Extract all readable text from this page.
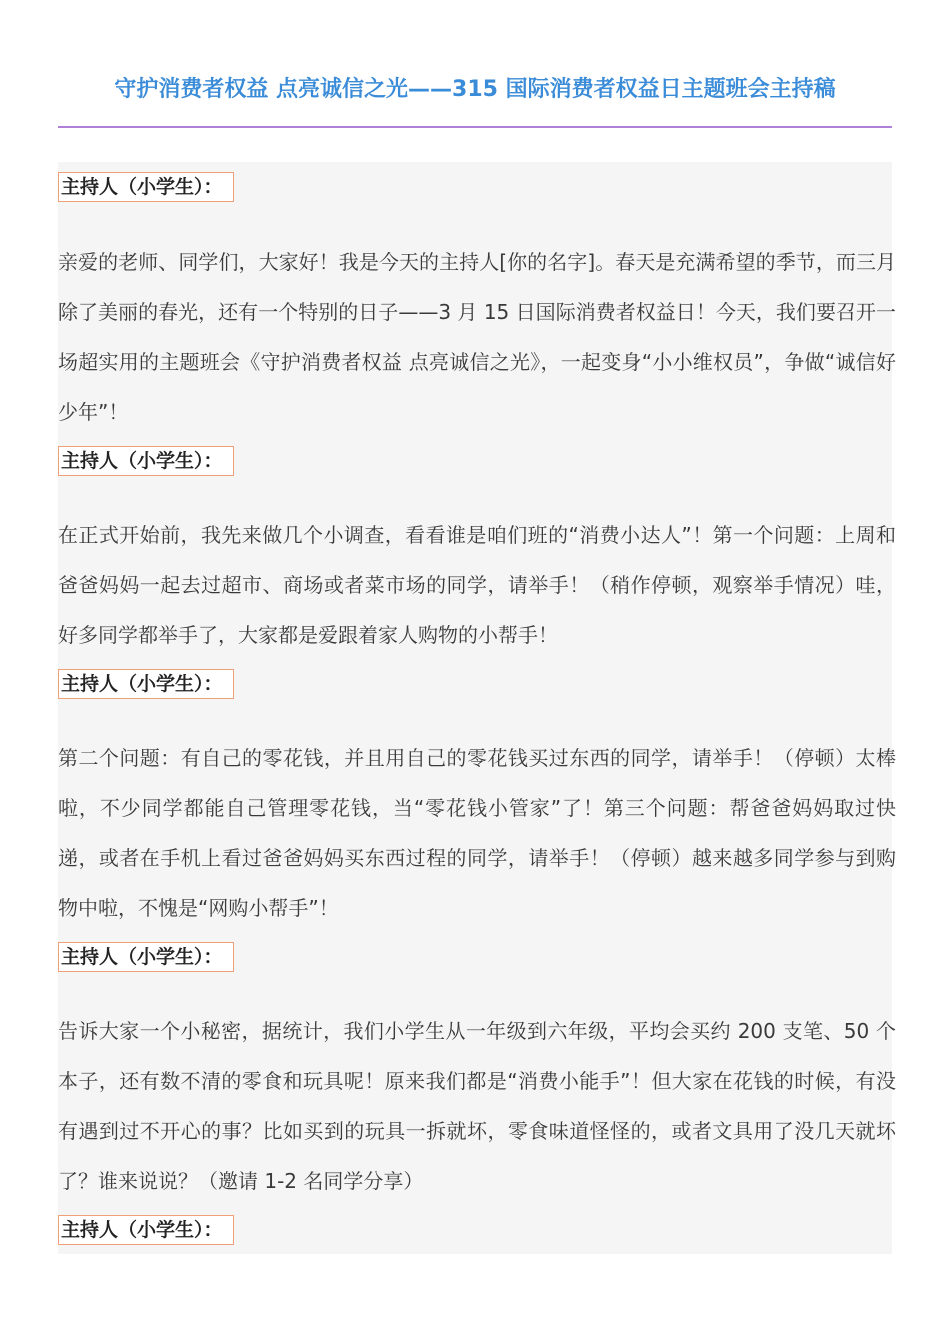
守护消费者权益 点亮诚信之光——315 国际消费者权益日主题班会主持稿
主持人（小学生）：

亲爱的老师、同学们，大家好！我是今天的主持人[你的名字]。春天是充满希望的季节，而三月除了美丽的春光，还有一个特别的日子——3 月 15 日国际消费者权益日！今天，我们要召开一场超实用的主题班会《守护消费者权益 点亮诚信之光》，一起变身“小小维权员”，争做“诚信好少年”！

主持人（小学生）：

在正式开始前，我先来做几个小调查，看看谁是咱们班的“消费小达人”！第一个问题：上周和爸爸妈妈一起去过超市、商场或者菜市场的同学，请举手！（稍作停顿，观察举手情况）哇，好多同学都举手了，大家都是爱跟着家人购物的小帮手！

主持人（小学生）：

第二个问题：有自己的零花钱，并且用自己的零花钱买过东西的同学，请举手！（停顿）太棒啦，不少同学都能自己管理零花钱，当“零花钱小管家”了！第三个问题：帮爸爸妈妈取过快递，或者在手机上看过爸爸妈妈买东西过程的同学，请举手！（停顿）越来越多同学参与到购物中啦，不愧是“网购小帮手”！

主持人（小学生）：

告诉大家一个小秘密，据统计，我们小学生从一年级到六年级，平均会买约 200 支笔、50 个本子，还有数不清的零食和玩具呢！原来我们都是“消费小能手”！但大家在花钱的时候，有没有遇到过不开心的事？比如买到的玩具一拆就坏，零食味道怪怪的，或者文具用了没几天就坏了？谁来说说？（邀请 1-2 名同学分享）

主持人（小学生）：
